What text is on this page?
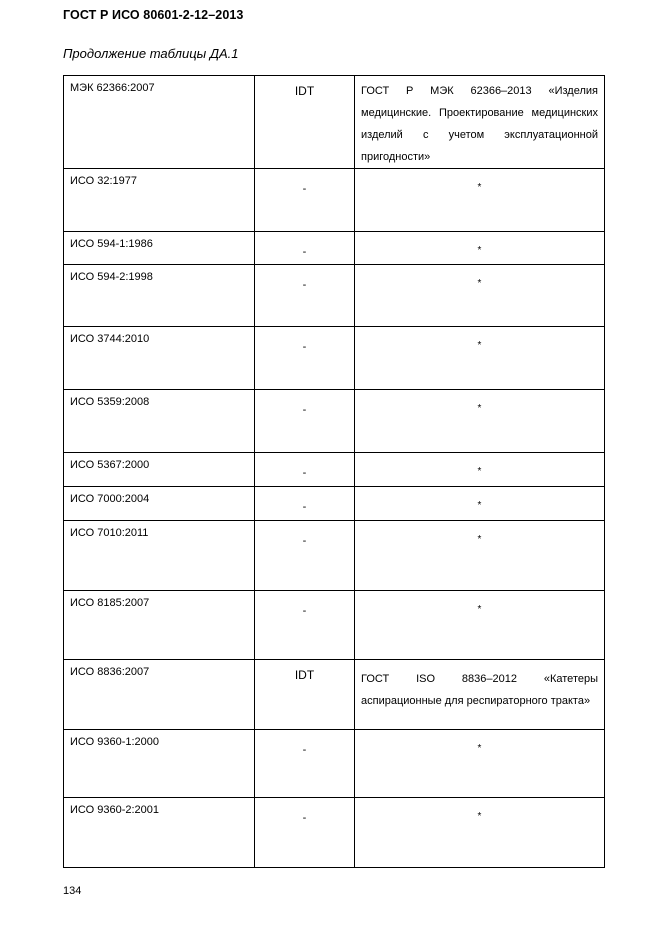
ГОСТ Р ИСО 80601-2-12–2013
Продолжение таблицы ДА.1
МЭК 62366:2007	IDT	ГОСТ Р МЭК 62366–2013 «Изделия медицинские. Проектирование медицинских изделий с учетом эксплуатационной пригодности»

ИСО 32:1977	-	*

ИСО 594-1:1986	-	*

ИСО 594-2:1998	-	*

ИСО 3744:2010	-	*

ИСО 5359:2008	-	*

ИСО 5367:2000	-	*

ИСО 7000:2004	-	*

ИСО 7010:2011	-	*

ИСО 8185:2007	-	*

ИСО 8836:2007	IDT	ГОСТ ISO 8836–2012 «Катетеры аспирационные для респираторного тракта»

ИСО 9360-1:2000	-	*

ИСО 9360-2:2001	-	*
134
